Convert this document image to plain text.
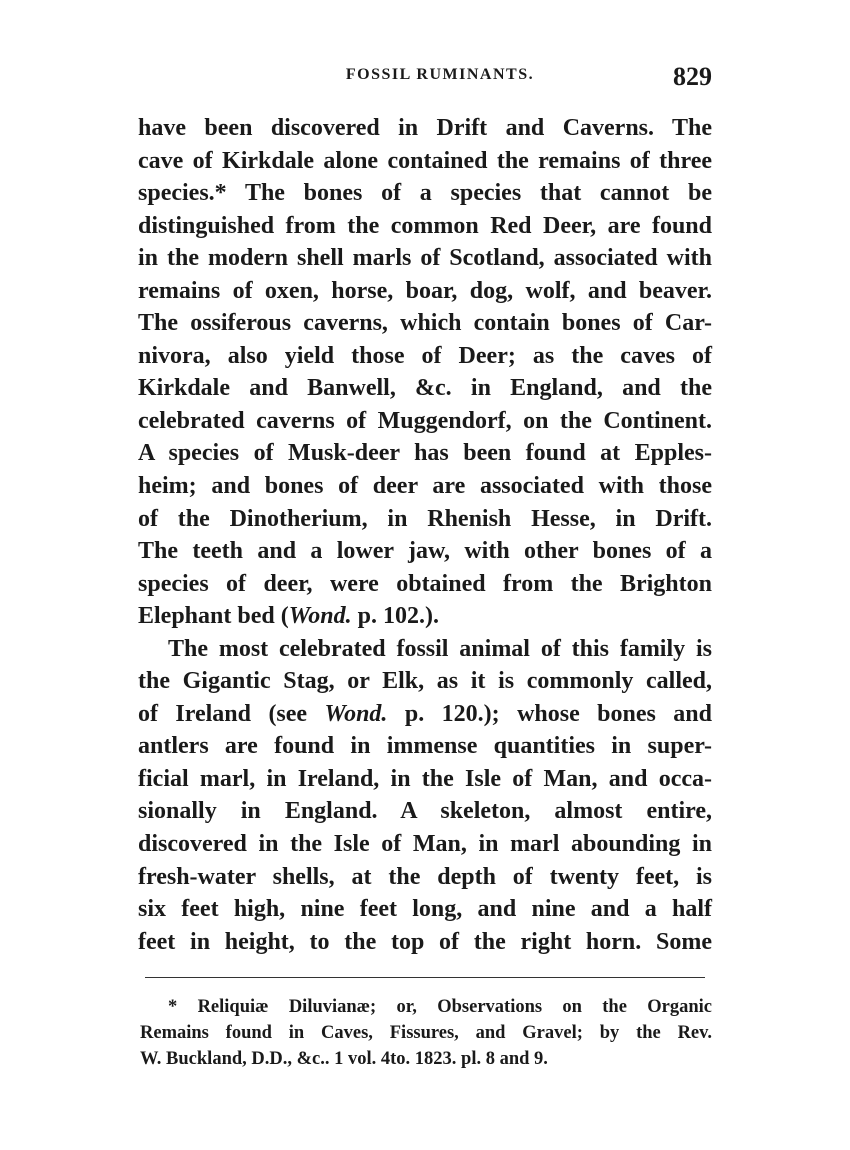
FOSSIL RUMINANTS.	829
have been discovered in Drift and Caverns. The
cave of Kirkdale alone contained the remains of three
species.* The bones of a species that cannot be
distinguished from the common Red Deer, are found
in the modern shell marls of Scotland, associated with
remains of oxen, horse, boar, dog, wolf, and beaver.
The ossiferous caverns, which contain bones of Car-
nivora, also yield those of Deer; as the caves of
Kirkdale and Banwell, &c. in England, and the
celebrated caverns of Muggendorf, on the Continent.
A species of Musk-deer has been found at Epples-
heim; and bones of deer are associated with those
of the Dinotherium, in Rhenish Hesse, in Drift.
The teeth and a lower jaw, with other bones of a
species of deer, were obtained from the Brighton
Elephant bed (Wond. p. 102.).
The most celebrated fossil animal of this family is
the Gigantic Stag, or Elk, as it is commonly called,
of Ireland (see Wond. p. 120.); whose bones and
antlers are found in immense quantities in super-
ficial marl, in Ireland, in the Isle of Man, and occa-
sionally in England. A skeleton, almost entire,
discovered in the Isle of Man, in marl abounding in
fresh-water shells, at the depth of twenty feet, is
six feet high, nine feet long, and nine and a half
feet in height, to the top of the right horn. Some
* Reliquiæ Diluvianæ; or, Observations on the Organic
Remains found in Caves, Fissures, and Gravel; by the Rev.
W. Buckland, D.D., &c.. 1 vol. 4to. 1823. pl. 8 and 9.
